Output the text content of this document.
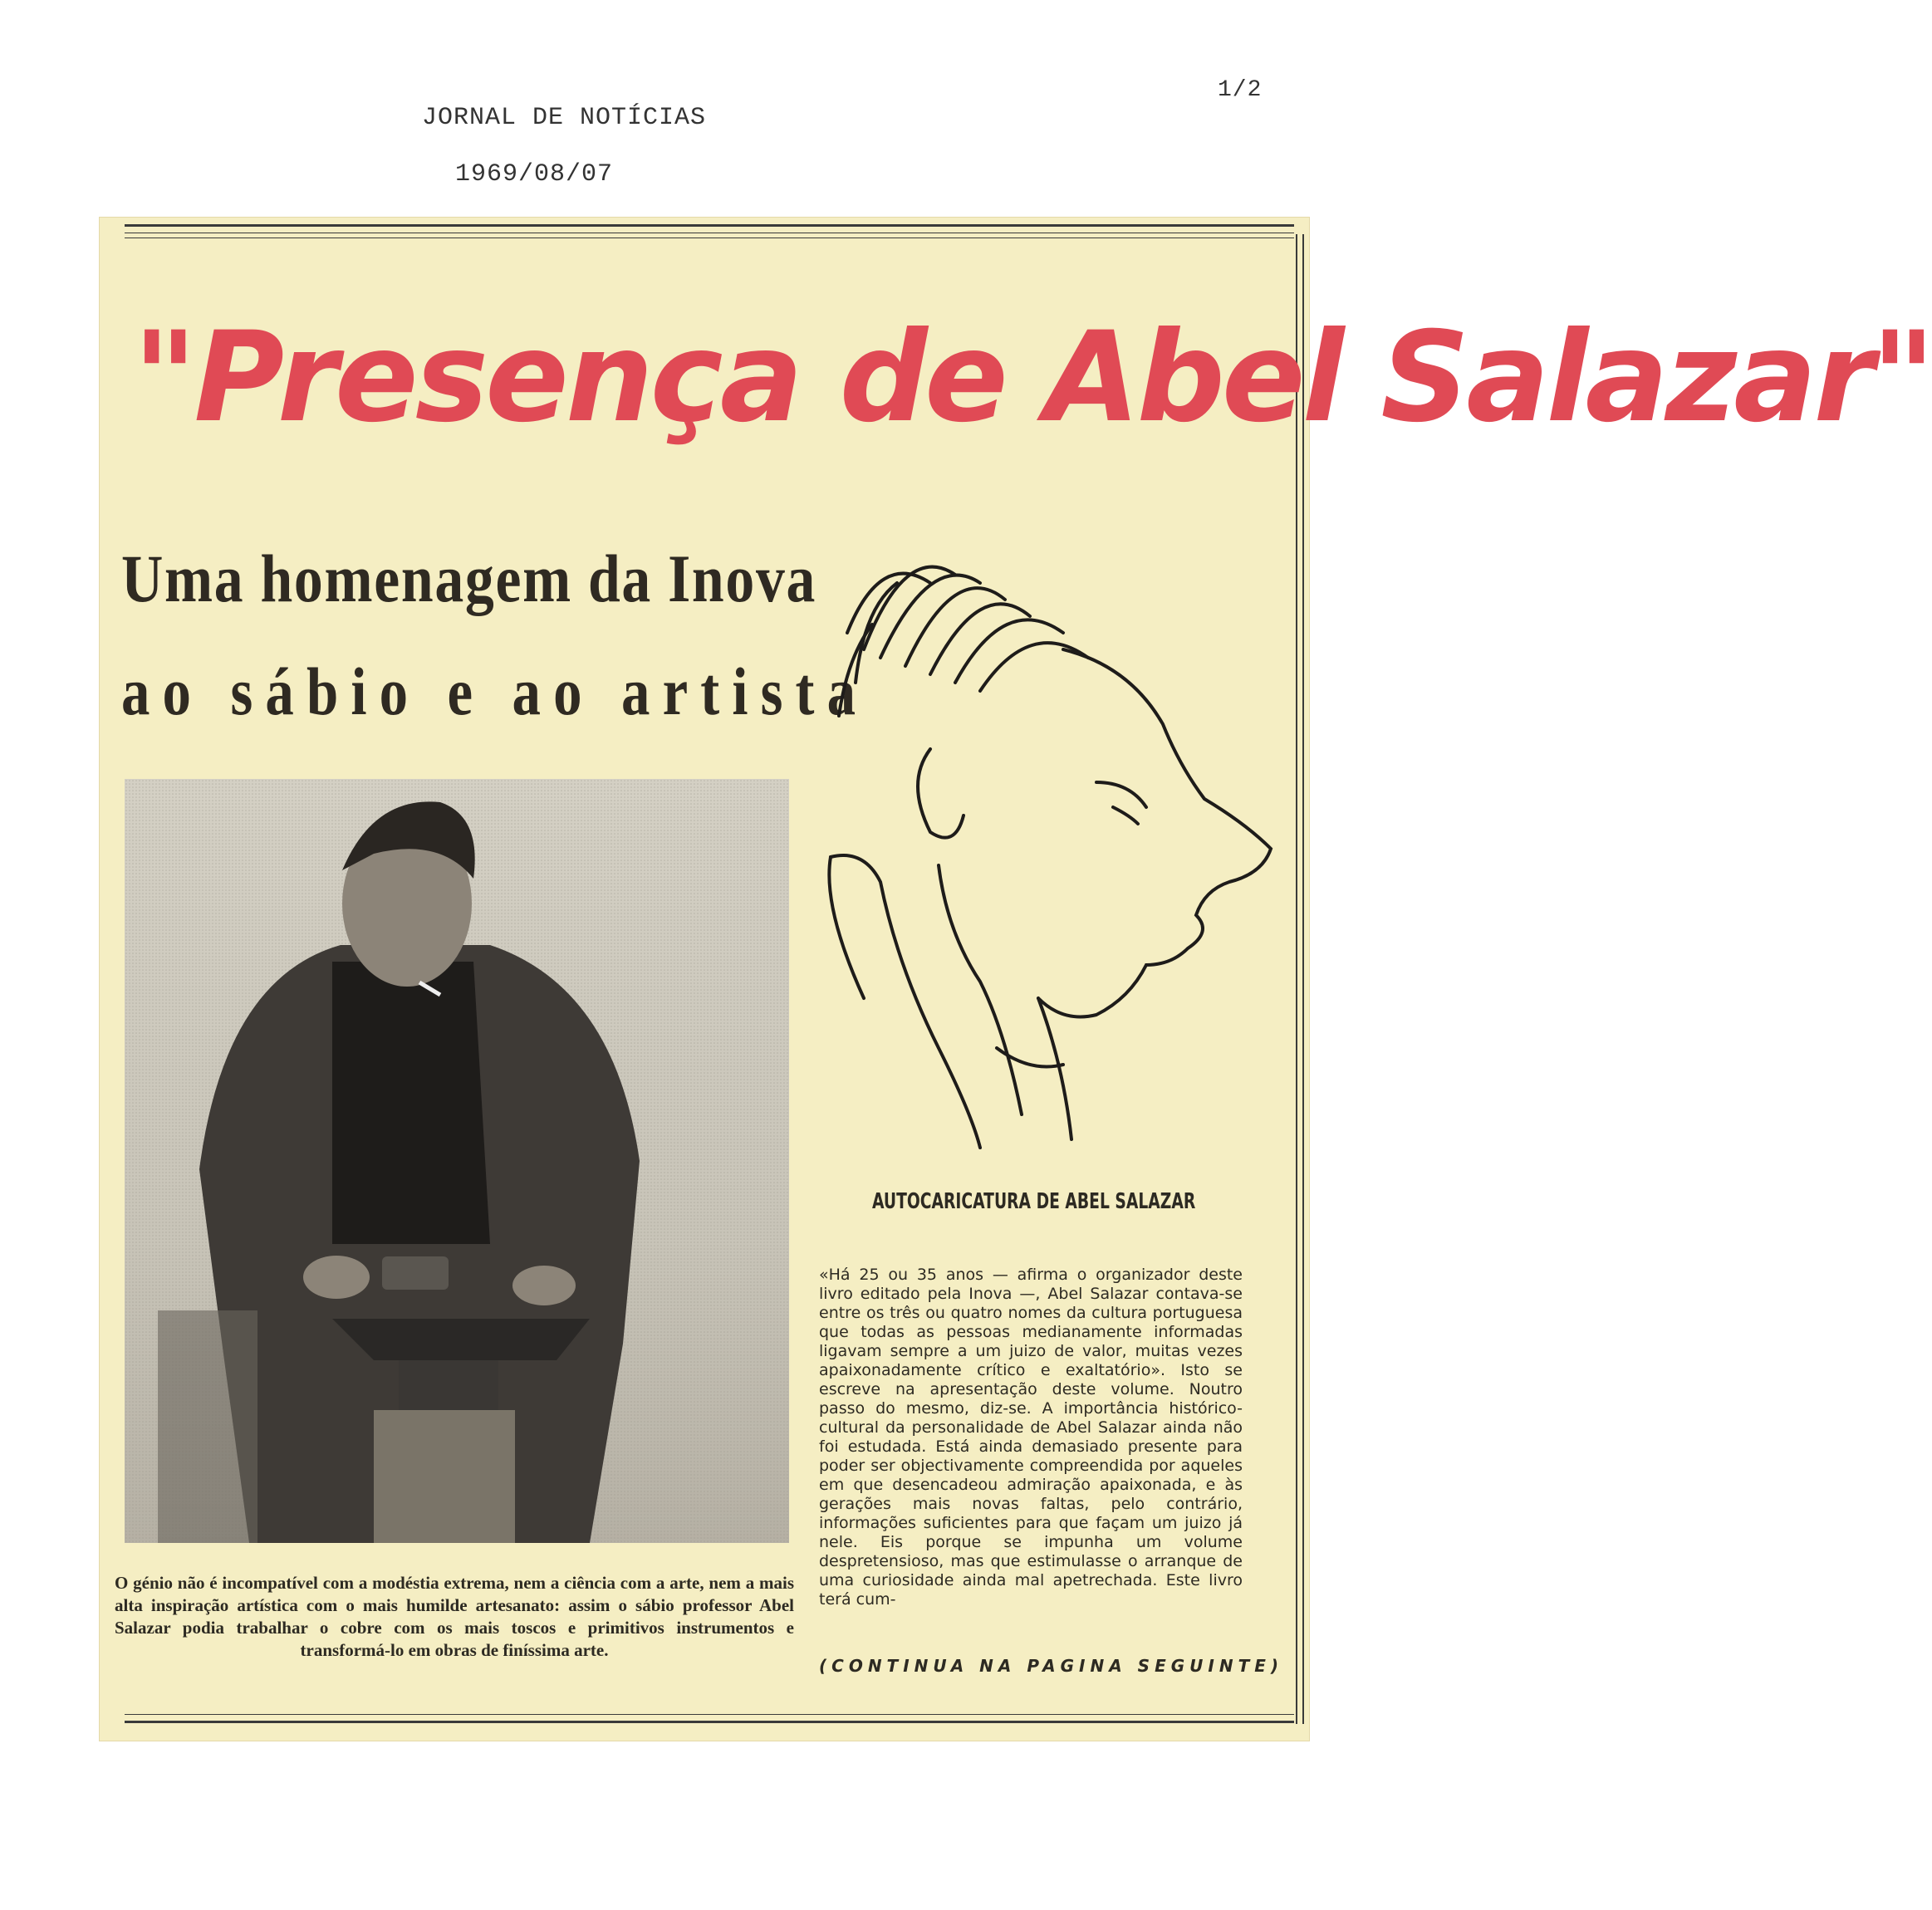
JORNAL DE NOTÍCIAS
1969/08/07
1/2
"Presença de Abel Salazar"
Uma homenagem da Inova
ao sábio e ao artista
O génio não é incompatível com a modéstia extrema, nem a ciência com a arte, nem a mais alta inspiração artística com o mais humilde artesanato: assim o sábio professor Abel Salazar podia trabalhar o cobre com os mais toscos e primitivos instrumentos e transformá-lo em obras de finíssima arte.
AUTOCARICATURA DE ABEL SALAZAR
«Há 25 ou 35 anos — afirma o organizador deste livro editado pela Inova —, Abel Salazar contava-se entre os três ou quatro nomes da cultura portuguesa que todas as pessoas medianamente informadas ligavam sempre a um juizo de valor, muitas vezes apaixonadamente crítico e exaltatório». Isto se escreve na apresentação deste volume. Noutro passo do mesmo, diz-se. A importância histórico-cultural da personalidade de Abel Salazar ainda não foi estudada. Está ainda demasiado presente para poder ser objectivamente compreendida por aqueles em que desencadeou admiração apaixonada, e às gerações mais novas faltas, pelo contrário, informações suficientes para que façam um juizo já nele. Eis porque se impunha um volume despretensioso, mas que estimulasse o arranque de uma curiosidade ainda mal apetrechada. Este livro terá cum-
(CONTINUA NA PAGINA SEGUINTE)
